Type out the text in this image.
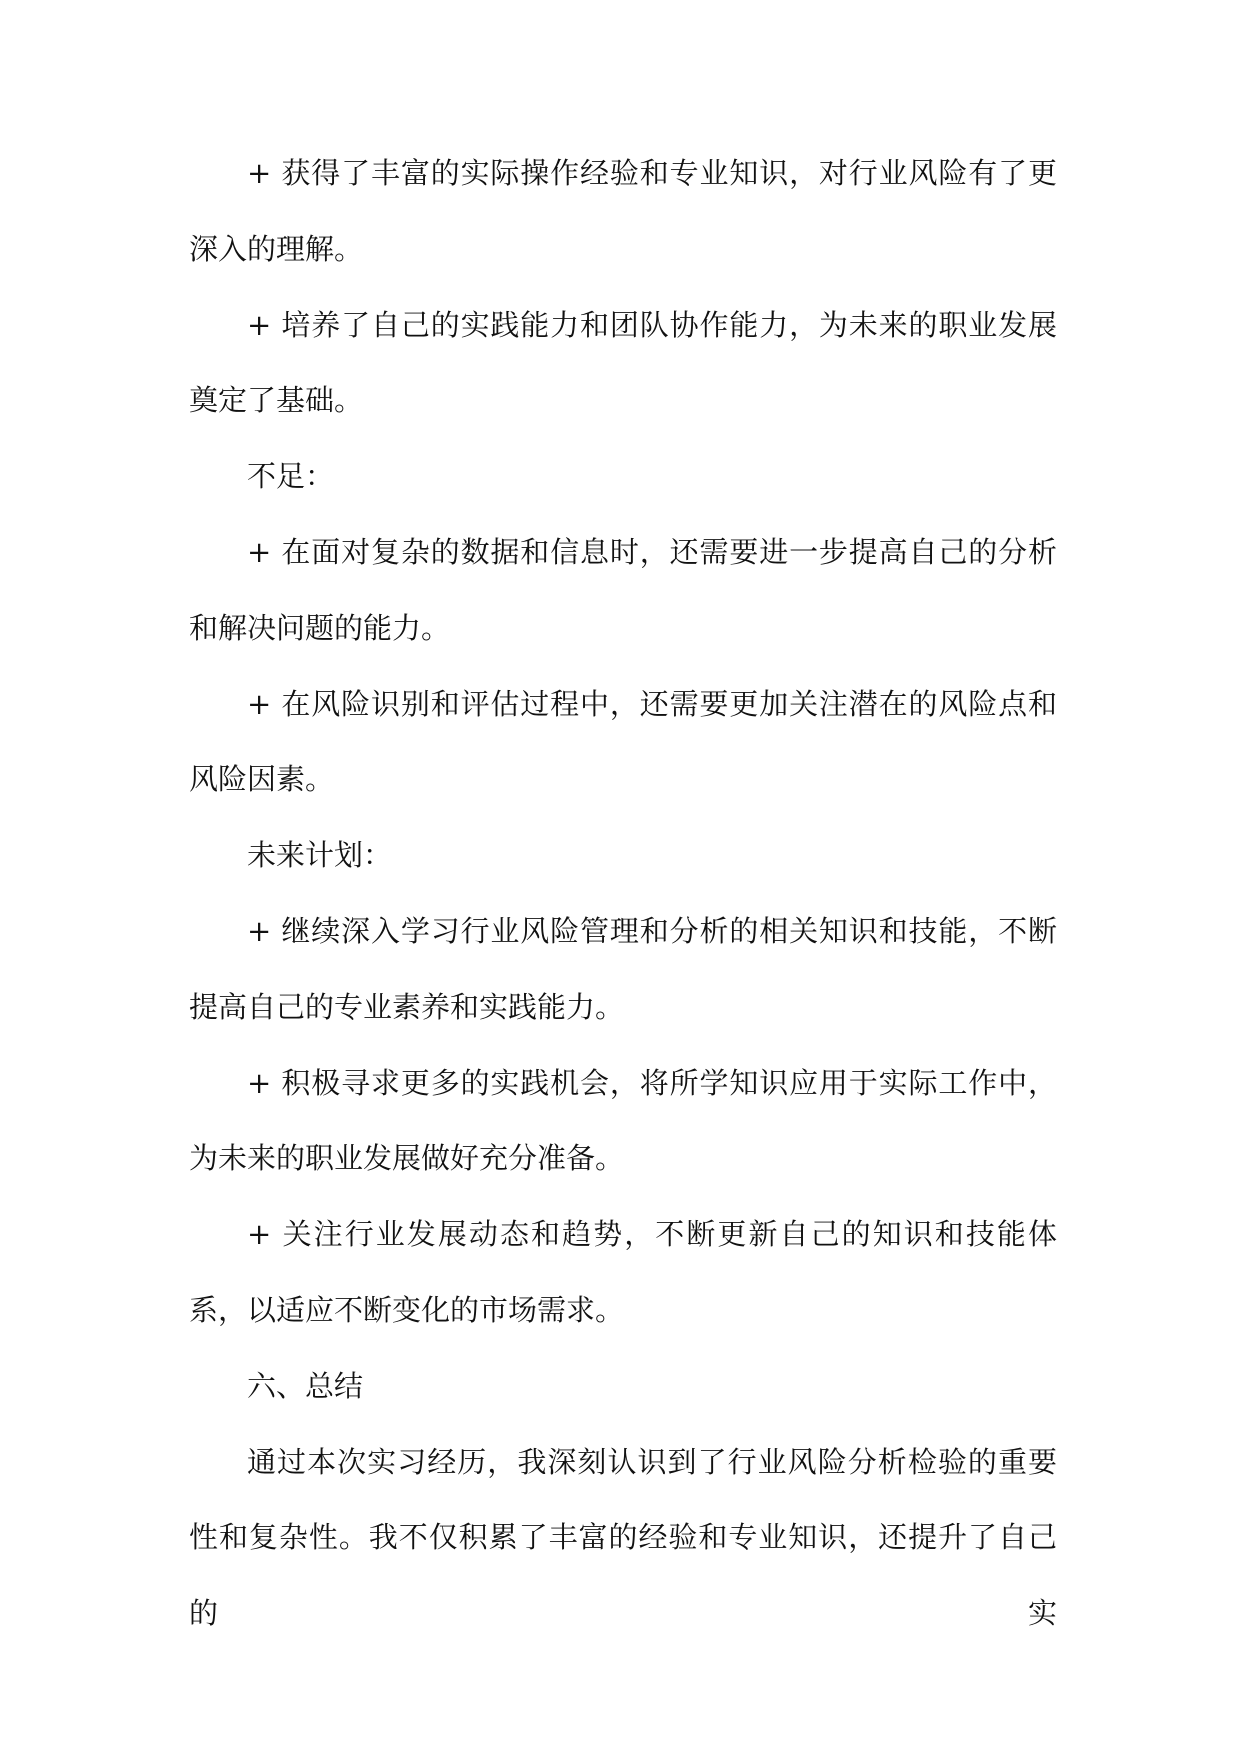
+ 获得了丰富的实际操作经验和专业知识，对行业风险有了更深入的理解。

+ 培养了自己的实践能力和团队协作能力，为未来的职业发展奠定了基础。

不足：

+ 在面对复杂的数据和信息时，还需要进一步提高自己的分析和解决问题的能力。

+ 在风险识别和评估过程中，还需要更加关注潜在的风险点和风险因素。

未来计划：

+ 继续深入学习行业风险管理和分析的相关知识和技能，不断提高自己的专业素养和实践能力。

+ 积极寻求更多的实践机会，将所学知识应用于实际工作中，为未来的职业发展做好充分准备。

+ 关注行业发展动态和趋势，不断更新自己的知识和技能体系，以适应不断变化的市场需求。

六、总结

通过本次实习经历，我深刻认识到了行业风险分析检验的重要性和复杂性。我不仅积累了丰富的经验和专业知识，还提升了自己的实
